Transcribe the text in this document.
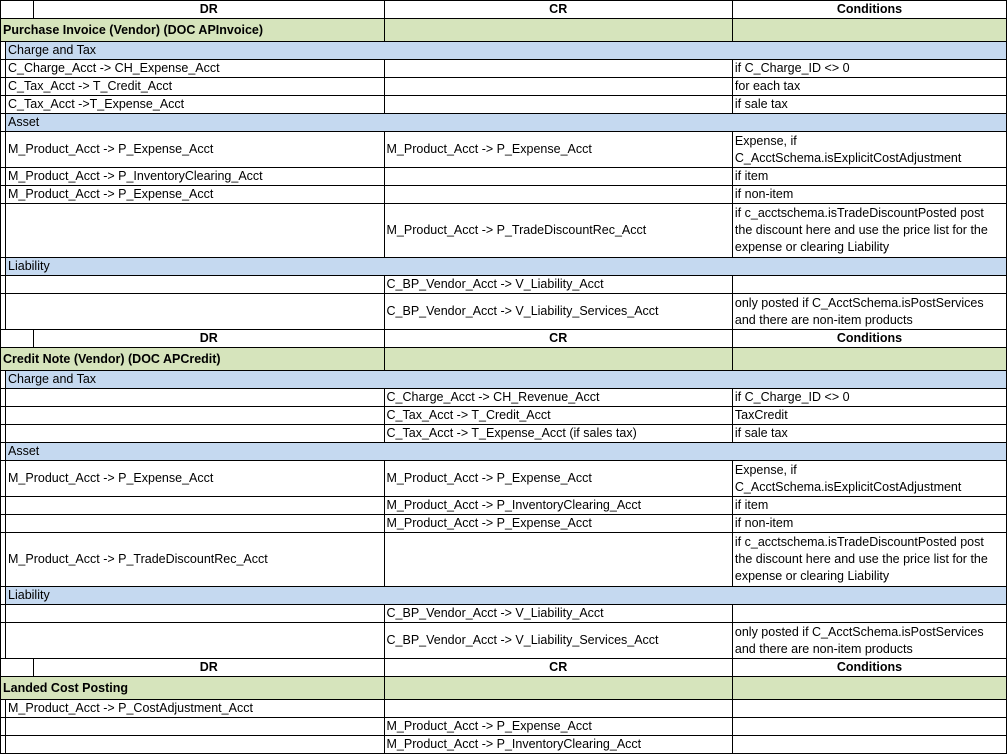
		DR	CR	Conditions
Purchase Invoice (Vendor) (DOC APInvoice)				
	Charge and Tax			
	C_Charge_Acct -> CH_Expense_Acct			if C_Charge_ID <> 0
	C_Tax_Acct -> T_Credit_Acct			for each tax
	C_Tax_Acct ->T_Expense_Acct			if sale tax
	Asset			
	M_Product_Acct -> P_Expense_Acct		M_Product_Acct -> P_Expense_Acct	Expense, if C_AcctSchema.isExplicitCostAdjustment
	M_Product_Acct -> P_InventoryClearing_Acct			if item
	M_Product_Acct -> P_Expense_Acct			if non-item
			M_Product_Acct -> P_TradeDiscountRec_Acct	if c_acctschema.isTradeDiscountPosted post the discount here and use the price list for the expense or clearing Liability
	Liability			
			C_BP_Vendor_Acct -> V_Liability_Acct	
			C_BP_Vendor_Acct -> V_Liability_Services_Acct	only posted if C_AcctSchema.isPostServices and there are non-item products
		DR	CR	Conditions
Credit Note (Vendor) (DOC APCredit)				
	Charge and Tax			
			C_Charge_Acct -> CH_Revenue_Acct	if C_Charge_ID <> 0
			C_Tax_Acct -> T_Credit_Acct	TaxCredit
			C_Tax_Acct -> T_Expense_Acct (if sales tax)	if sale tax
	Asset			
	M_Product_Acct -> P_Expense_Acct		M_Product_Acct -> P_Expense_Acct	Expense, if C_AcctSchema.isExplicitCostAdjustment
			M_Product_Acct -> P_InventoryClearing_Acct	if item
			M_Product_Acct -> P_Expense_Acct	if non-item
	M_Product_Acct -> P_TradeDiscountRec_Acct			if c_acctschema.isTradeDiscountPosted post the discount here and use the price list for the expense or clearing Liability
	Liability			
			C_BP_Vendor_Acct -> V_Liability_Acct	
			C_BP_Vendor_Acct -> V_Liability_Services_Acct	only posted if C_AcctSchema.isPostServices and there are non-item products
		DR	CR	Conditions
Landed Cost Posting				
	M_Product_Acct -> P_CostAdjustment_Acct			
			M_Product_Acct -> P_Expense_Acct	
			M_Product_Acct -> P_InventoryClearing_Acct	
